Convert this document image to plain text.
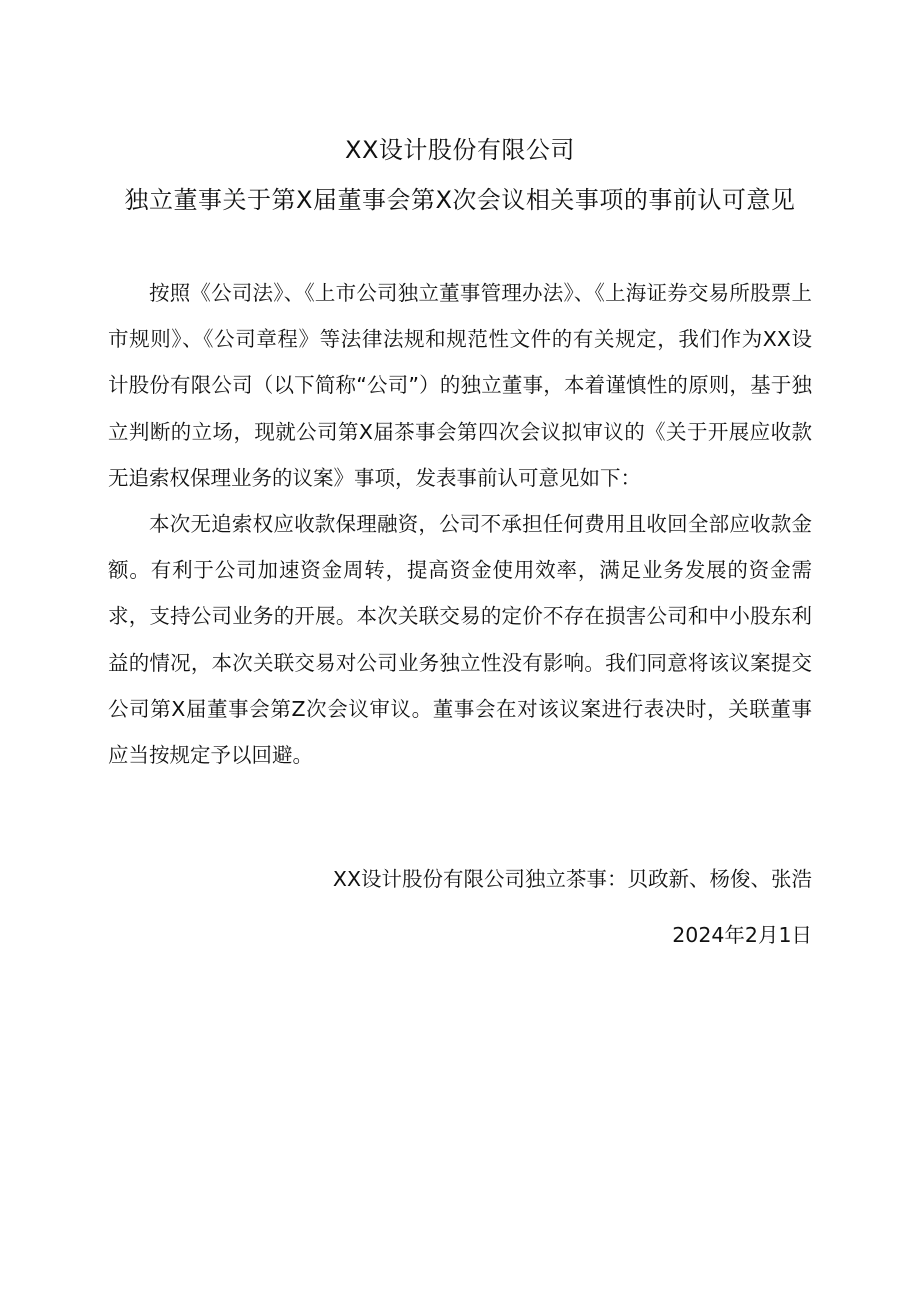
XX设计股份有限公司
独立董事关于第X届董事会第X次会议相关事项的事前认可意见

按照《公司法》、《上市公司独立董事管理办法》、《上海证券交易所股票上市规则》、《公司章程》等法律法规和规范性文件的有关规定，我们作为XX设计股份有限公司（以下简称“公司”）的独立董事，本着谨慎性的原则，基于独立判断的立场，现就公司第X届茶事会第四次会议拟审议的《关于开展应收款无追索权保理业务的议案》事项，发表事前认可意见如下：

本次无追索权应收款保理融资，公司不承担任何费用且收回全部应收款金额。有利于公司加速资金周转，提高资金使用效率，满足业务发展的资金需求，支持公司业务的开展。本次关联交易的定价不存在损害公司和中小股东利益的情况，本次关联交易对公司业务独立性没有影响。我们同意将该议案提交公司第X届董事会第Z次会议审议。董事会在对该议案进行表决时，关联董事应当按规定予以回避。

XX设计股份有限公司独立茶事：贝政新、杨俊、张浩
2024年2月1日
